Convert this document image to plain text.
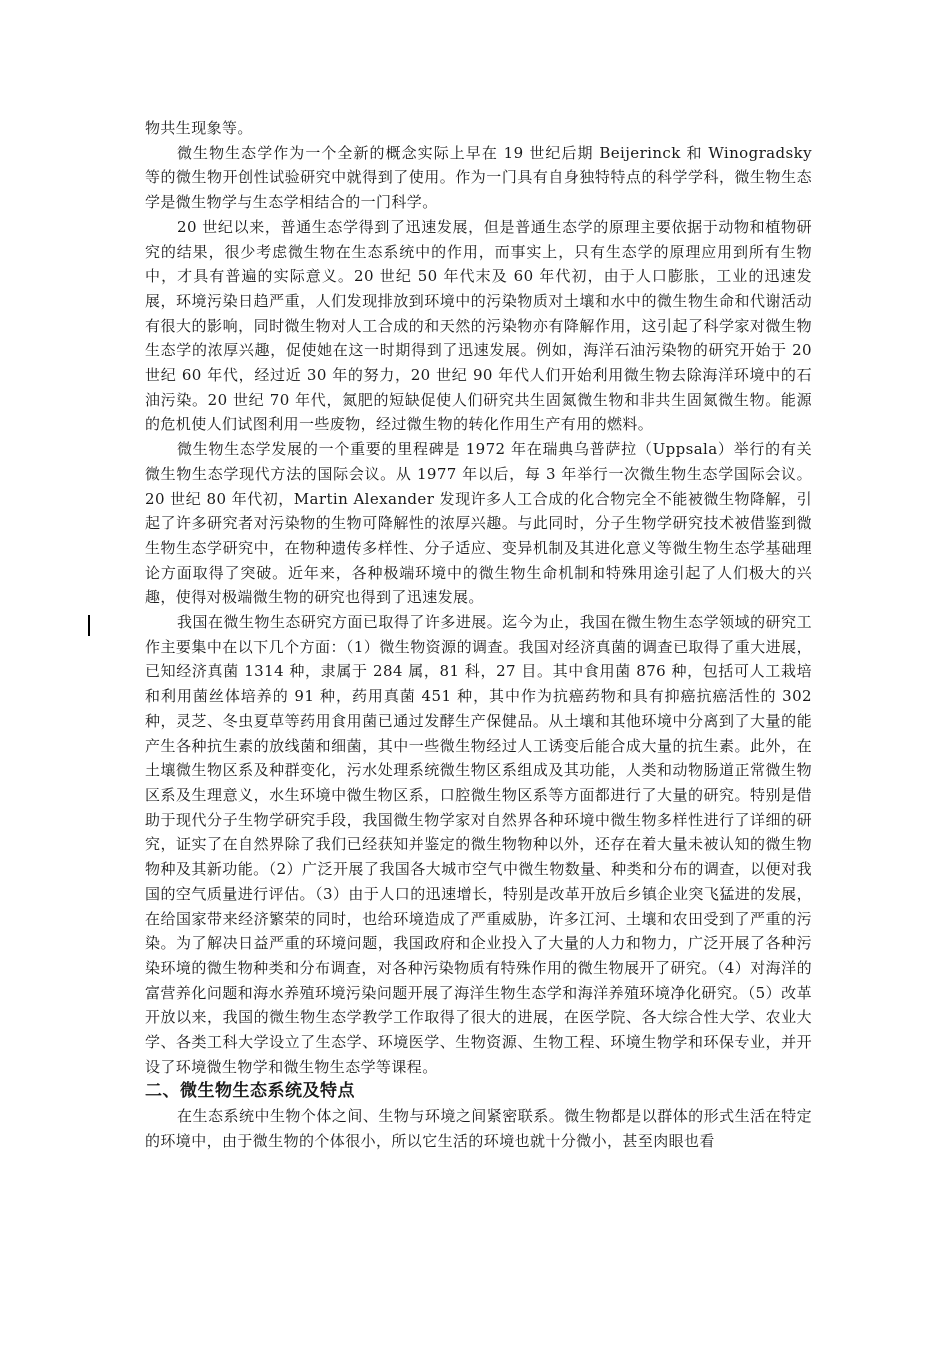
物共生现象等。

微生物生态学作为一个全新的概念实际上早在 19 世纪后期 Beijerinck 和 Winogradsky 等的微生物开创性试验研究中就得到了使用。作为一门具有自身独特特点的科学学科，微生物生态学是微生物学与生态学相结合的一门科学。

20 世纪以来，普通生态学得到了迅速发展，但是普通生态学的原理主要依据于动物和植物研究的结果，很少考虑微生物在生态系统中的作用，而事实上，只有生态学的原理应用到所有生物中，才具有普遍的实际意义。20 世纪 50 年代末及 60 年代初，由于人口膨胀，工业的迅速发展，环境污染日趋严重，人们发现排放到环境中的污染物质对土壤和水中的微生物生命和代谢活动有很大的影响，同时微生物对人工合成的和天然的污染物亦有降解作用，这引起了科学家对微生物生态学的浓厚兴趣，促使她在这一时期得到了迅速发展。例如，海洋石油污染物的研究开始于 20 世纪 60 年代，经过近 30 年的努力，20 世纪 90 年代人们开始利用微生物去除海洋环境中的石油污染。20 世纪 70 年代，氮肥的短缺促使人们研究共生固氮微生物和非共生固氮微生物。能源的危机使人们试图利用一些废物，经过微生物的转化作用生产有用的燃料。

微生物生态学发展的一个重要的里程碑是 1972 年在瑞典乌普萨拉（Uppsala）举行的有关微生物生态学现代方法的国际会议。从 1977 年以后，每 3 年举行一次微生物生态学国际会议。20 世纪 80 年代初，Martin Alexander 发现许多人工合成的化合物完全不能被微生物降解，引起了许多研究者对污染物的生物可降解性的浓厚兴趣。与此同时，分子生物学研究技术被借鉴到微生物生态学研究中，在物种遗传多样性、分子适应、变异机制及其进化意义等微生物生态学基础理论方面取得了突破。近年来，各种极端环境中的微生物生命机制和特殊用途引起了人们极大的兴趣，使得对极端微生物的研究也得到了迅速发展。

我国在微生物生态研究方面已取得了许多进展。迄今为止，我国在微生物生态学领域的研究工作主要集中在以下几个方面：（1）微生物资源的调查。我国对经济真菌的调查已取得了重大进展，已知经济真菌 1314 种，隶属于 284 属，81 科，27 目。其中食用菌 876 种，包括可人工栽培和利用菌丝体培养的 91 种，药用真菌 451 种，其中作为抗癌药物和具有抑癌抗癌活性的 302 种，灵芝、冬虫夏草等药用食用菌已通过发酵生产保健品。从土壤和其他环境中分离到了大量的能产生各种抗生素的放线菌和细菌，其中一些微生物经过人工诱变后能合成大量的抗生素。此外，在土壤微生物区系及种群变化，污水处理系统微生物区系组成及其功能，人类和动物肠道正常微生物区系及生理意义，水生环境中微生物区系，口腔微生物区系等方面都进行了大量的研究。特别是借助于现代分子生物学研究手段，我国微生物学家对自然界各种环境中微生物多样性进行了详细的研究，证实了在自然界除了我们已经获知并鉴定的微生物物种以外，还存在着大量未被认知的微生物物种及其新功能。（2）广泛开展了我国各大城市空气中微生物数量、种类和分布的调查，以便对我国的空气质量进行评估。（3）由于人口的迅速增长，特别是改革开放后乡镇企业突飞猛进的发展，在给国家带来经济繁荣的同时，也给环境造成了严重威胁，许多江河、土壤和农田受到了严重的污染。为了解决日益严重的环境问题，我国政府和企业投入了大量的人力和物力，广泛开展了各种污染环境的微生物种类和分布调查，对各种污染物质有特殊作用的微生物展开了研究。（4）对海洋的富营养化问题和海水养殖环境污染问题开展了海洋生物生态学和海洋养殖环境净化研究。（5）改革开放以来，我国的微生物生态学教学工作取得了很大的进展，在医学院、各大综合性大学、农业大学、各类工科大学设立了生态学、环境医学、生物资源、生物工程、环境生物学和环保专业，并开设了环境微生物学和微生物生态学等课程。

二、微生物生态系统及特点

在生态系统中生物个体之间、生物与环境之间紧密联系。微生物都是以群体的形式生活在特定的环境中，由于微生物的个体很小，所以它生活的环境也就十分微小，甚至肉眼也看
